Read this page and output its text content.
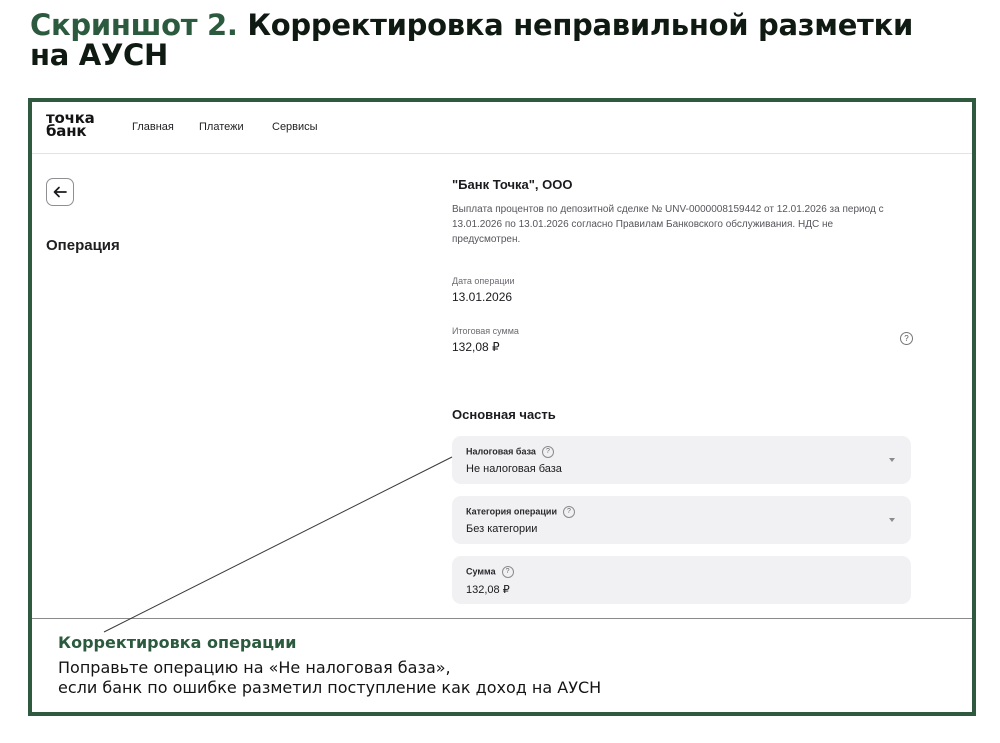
Скриншот 2. Корректировка неправильной разметки
на АУСН
точка
банк	Главная Платежи	Сервисы
Операция
"Банк Точка", ООО
Выплата процентов по депозитной сделке № UNV-0000008159442 от 12.01.2026 за период с 13.01.2026 по 13.01.2026 согласно Правилам Банковского обслуживания. НДС не предусмотрен.
Дата операции
13.01.2026
Итоговая сумма
132,08 ₽
?
Основная часть
Налоговая база ?
Не налоговая база
Категория операции ?
Без категории
Сумма ?
132,08 ₽
Корректировка операции
Поправьте операцию на «Не налоговая база»,
если банк по ошибке разметил поступление как доход на АУСН
